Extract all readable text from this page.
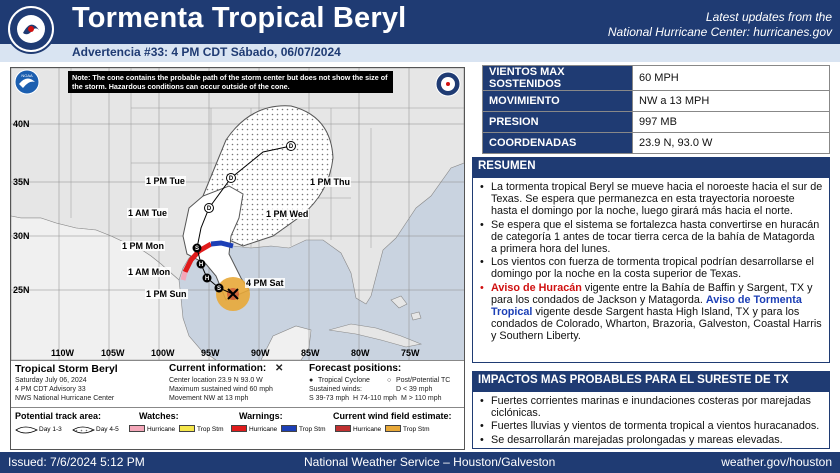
Tormenta Tropical Beryl	Latest updates from the
National Hurricane Center: hurricanes.gov
Advertencia #33: 4 PM CDT Sábado, 06/07/2024
S
H
H
S
D
D
D
NOAA	Note: The cone contains the probable path of the storm center but does not show the size of the storm. Hazardous conditions can occur outside of the cone.
40N
35N
30N
25N
110W	105W	100W	95W	90W	85W	80W	75W
1 PM Tue
1 AM Tue
1 PM Mon
1 AM Mon
1 PM Sun
4 PM Sat
1 PM Wed
1 PM Thu
Tropical Storm Beryl
Saturday July 06, 2024
4 PM CDT Advisory 33
NWS National Hurricane Center
Current information: ✕
Center location 23.9 N 93.0 W
Maximum sustained wind 60 mph
Movement NW at 13 mph
Forecast positions:
● Tropical Cyclone ○ Post/Potential TC
Sustained winds:	D < 39 mph
S 39-73 mph H 74-110 mph M > 110 mph
Potential track area:
Day 1-3	Day 4-5
Watches:
Hurricane	Trop Stm
Warnings:
Hurricane	Trop Stm
Current wind field estimate:
Hurricane	Trop Stm
VIENTOS MAX SOSTENIDOS	60 MPH
MOVIMIENTO	NW a 13 MPH
PRESION	997 MB
COORDENADAS	23.9 N, 93.0 W
RESUMEN
• La tormenta tropical Beryl se mueve hacia el noroeste hacia el sur de Texas. Se espera que permanezca en esta trayectoria noroeste hasta el domingo por la noche, luego girará más hacia el norte.
• Se espera que el sistema se fortalezca hasta convertirse en huracán de categoría 1 antes de tocar tierra cerca de la bahía de Matagorda a primera hora del lunes.
• Los vientos con fuerza de tormenta tropical podrían desarrollarse el domingo por la noche en la costa superior de Texas.
• Aviso de Huracán vigente entre la Bahía de Baffin y Sargent, TX y para los condados de Jackson y Matagorda. Aviso de Tormenta Tropical vigente desde Sargent hasta High Island, TX y para los condados de Colorado, Wharton, Brazoria, Galveston, Coastal Harris y Southern Liberty.
IMPACTOS MAS PROBABLES PARA EL SURESTE DE TX
• Fuertes corrientes marinas e inundaciones costeras por marejadas ciclónicas.
• Fuertes lluvias y vientos de tormenta tropical a vientos huracanados.
• Se desarrollarán marejadas prolongadas y mareas elevadas.
Issued: 7/6/2024 5:12 PM	National Weather Service – Houston/Galveston	weather.gov/houston
